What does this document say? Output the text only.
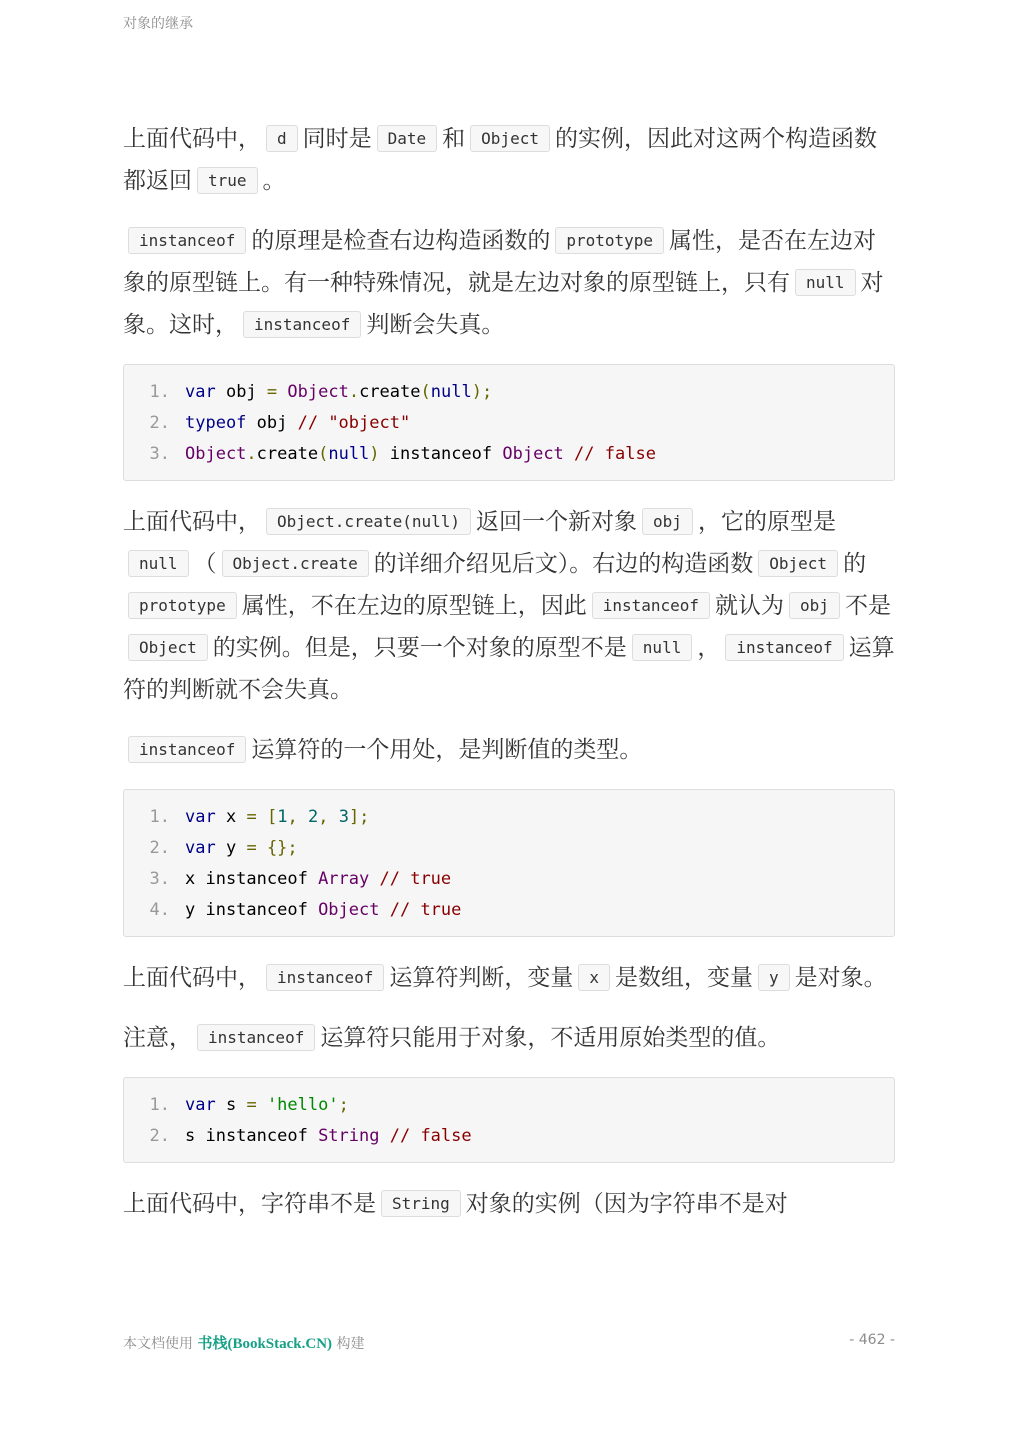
对象的继承

上面代码中， d 同时是 Date 和 Object 的实例，因此对这两个构造函数都返回 true 。

instanceof 的原理是检查右边构造函数的 prototype 属性，是否在左边对象的原型链上。有一种特殊情况，就是左边对象的原型链上，只有 null 对象。这时， instanceof 判断会失真。

1. var obj =
Object . create ( null );
2. typeof obj // "object"
3. Object . create ( null ) instanceof Object
// false

上面代码中， Object.create(null) 返回一个新对象 obj ，它的原型是null （ Object.create 的详细介绍见后文）。右边的构造函数 Object 的prototype 属性，不在左边的原型链上，因此 instanceof 就认为 obj 不是Object 的实例。但是，只要一个对象的原型不是 null ， instanceof 运算符的判断就不会失真。

instanceof 运算符的一个用处，是判断值的类型。

1. var x =
[ 1 ,
2 ,
3 ];
2. var y =
{};
3. x instanceof Array
// true
4. y instanceof Object
// true

上面代码中， instanceof 运算符判断，变量 x 是数组，变量 y 是对象。

注意， instanceof 运算符只能用于对象，不适用原始类型的值。

1. var s =
'hello' ;
2. s instanceof String
// false

上面代码中，字符串不是 String 对象的实例（因为字符串不是对

本文档使用 书栈(BookStack.CN) 构建	- 462 -
